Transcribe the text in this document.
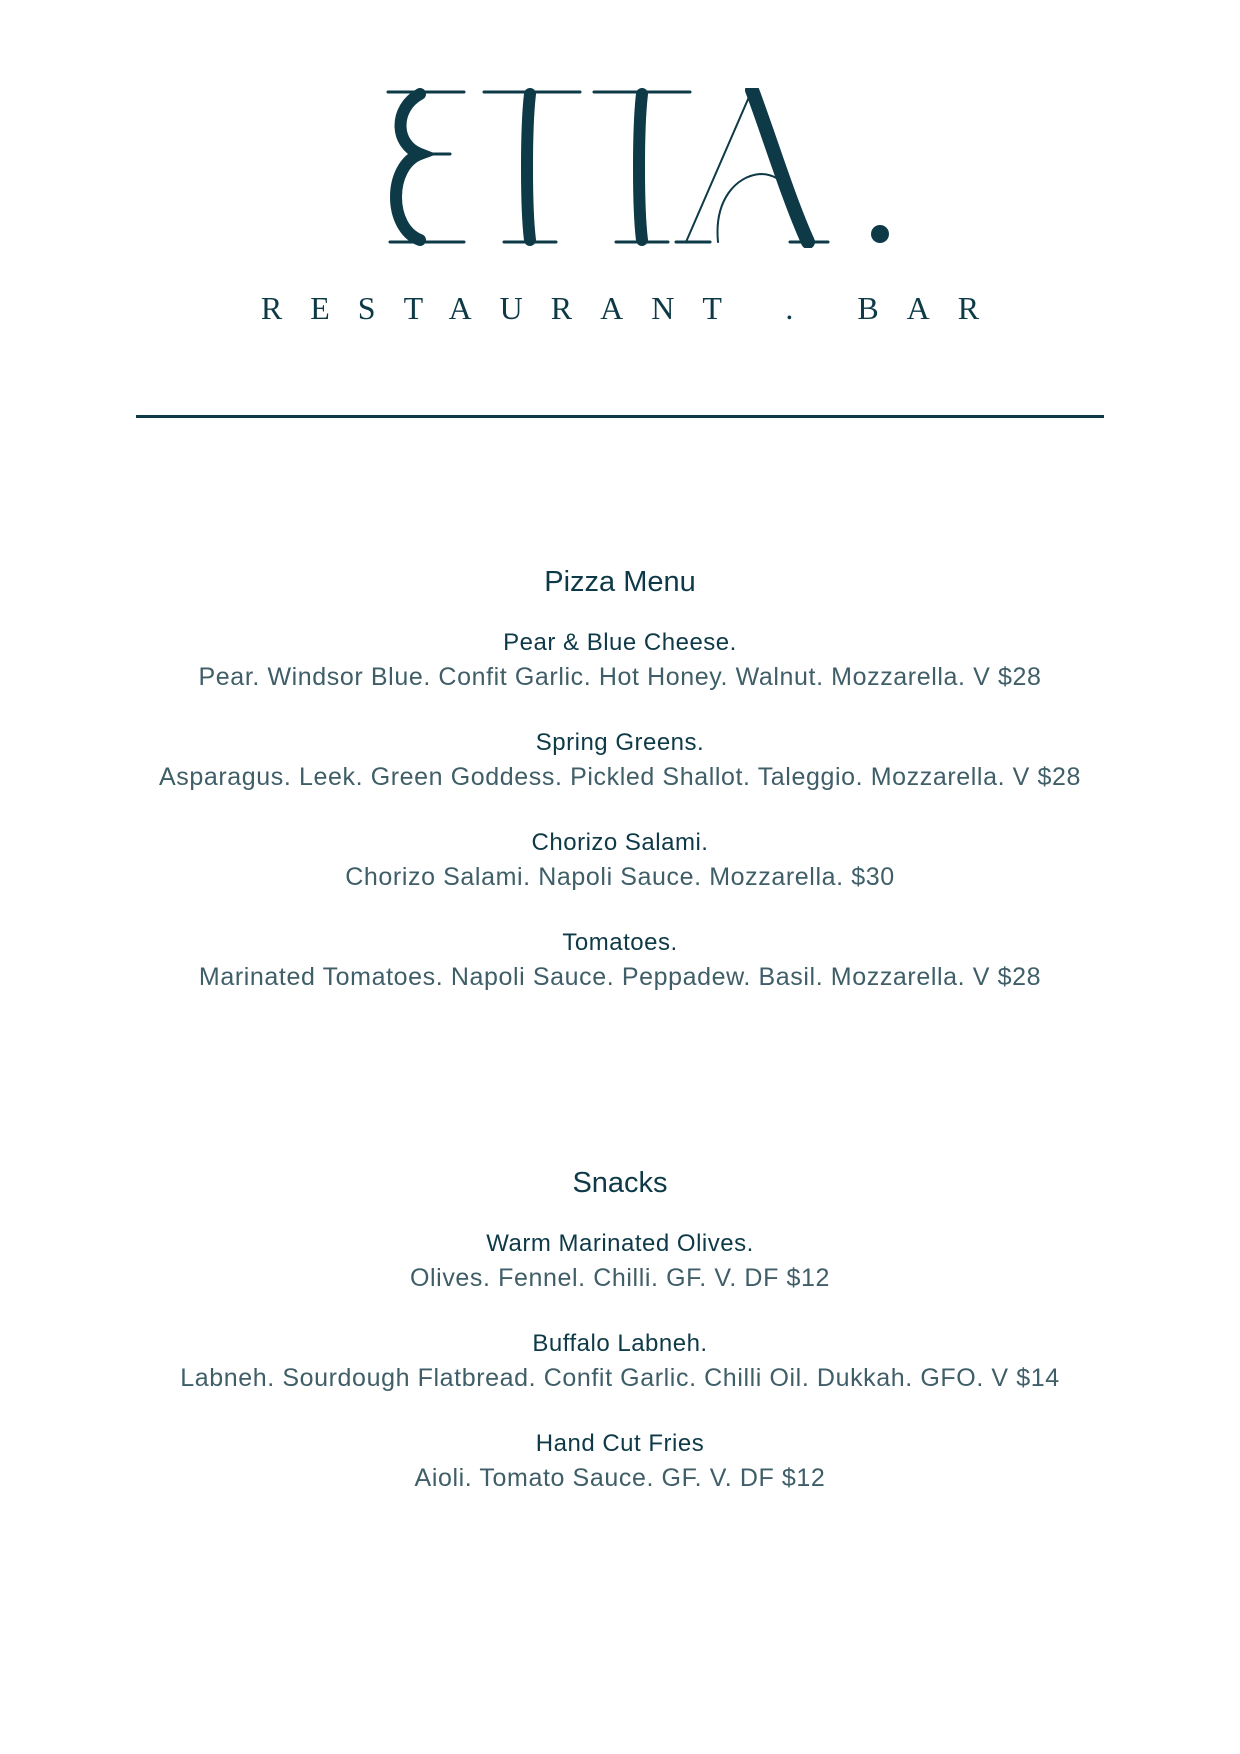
RESTAURANT . BAR
Pizza Menu
Pear & Blue Cheese.
Pear. Windsor Blue. Confit Garlic. Hot Honey. Walnut. Mozzarella. V $28
Spring Greens.
Asparagus. Leek. Green Goddess. Pickled Shallot. Taleggio. Mozzarella. V $28
Chorizo Salami.
Chorizo Salami. Napoli Sauce. Mozzarella. $30
Tomatoes.
Marinated Tomatoes. Napoli Sauce. Peppadew. Basil. Mozzarella. V $28
Snacks
Warm Marinated Olives.
Olives. Fennel. Chilli. GF. V. DF $12
Buffalo Labneh.
Labneh. Sourdough Flatbread. Confit Garlic. Chilli Oil. Dukkah. GFO. V $14
Hand Cut Fries
Aioli. Tomato Sauce. GF. V. DF $12
